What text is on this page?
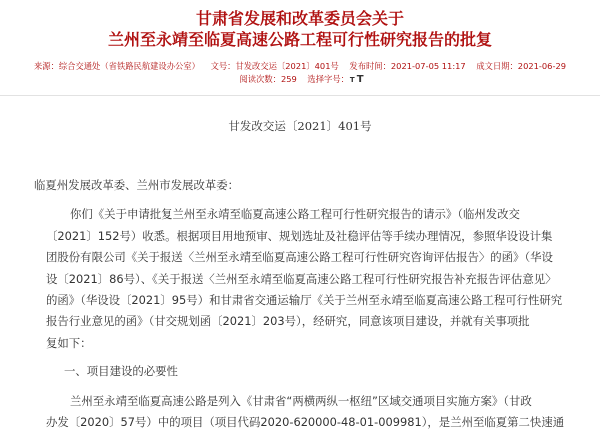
甘肃省发展和改革委员会关于
兰州至永靖至临夏高速公路工程可行性研究报告的批复
来源：综合交通处（省铁路民航建设办公室） 文号：甘发改交运〔2021〕401号 发布时间：2021-07-05 11:17 成文日期：2021-06-29
阅读次数：259 选择字号：T T
甘发改交运〔2021〕401号

临夏州发展改革委、兰州市发展改革委：

你们《关于申请批复兰州至永靖至临夏高速公路工程可行性研究报告的请示》（临州发改交
〔2021〕152号）收悉。根据项目用地预审、规划选址及社稳评估等手续办理情况，参照华设设计集
团股份有限公司《关于报送〈兰州至永靖至临夏高速公路工程可行性研究咨询评估报告〉的函》（华设
设〔2021〕86号）、《关于报送〈兰州至永靖至临夏高速公路工程可行性研究报告补充报告评估意见〉
的函》（华设设〔2021〕95号）和甘肃省交通运输厅《关于兰州至永靖至临夏高速公路工程可行性研究
报告行业意见的函》（甘交规划函〔2021〕203号），经研究，同意该项目建设，并就有关事项批
复如下：
一、项目建设的必要性
兰州至永靖至临夏高速公路是列入《甘肃省“两横两纵一枢纽”区域交通项目实施方案》（甘政
办发〔2020〕57号）中的项目（项目代码2020-620000-48-01-009981），是兰州至临夏第二快速通
